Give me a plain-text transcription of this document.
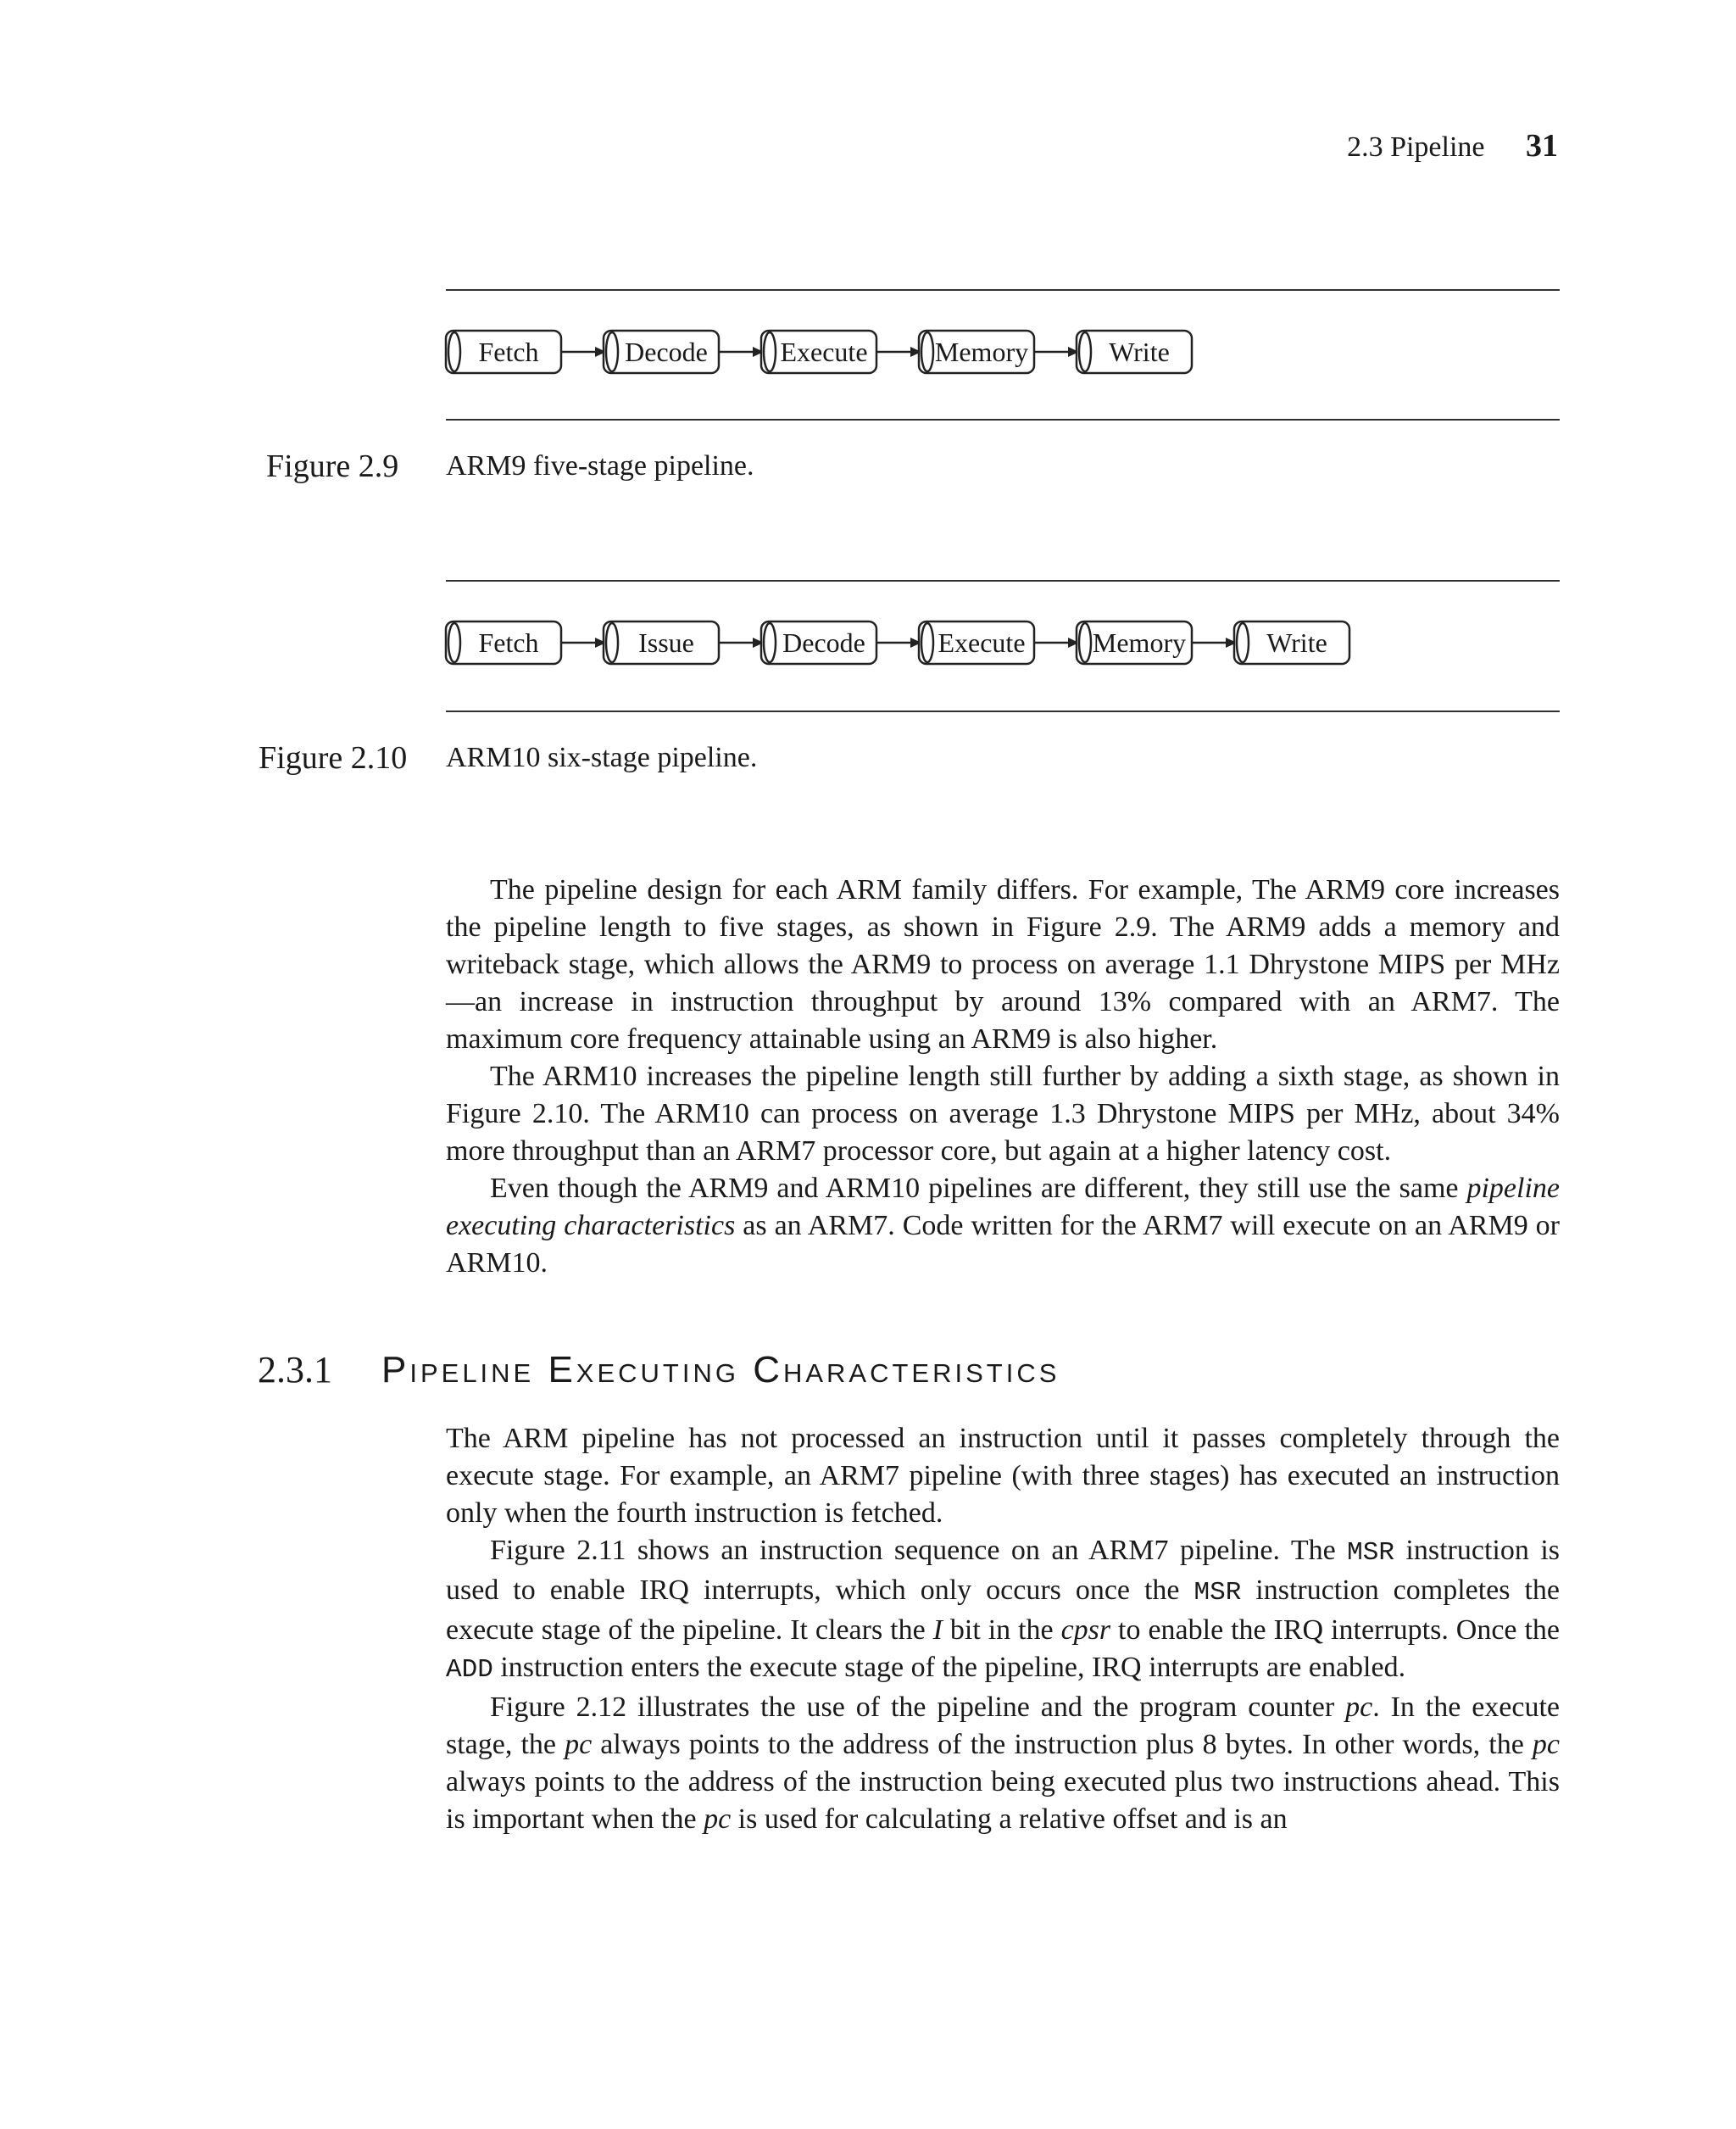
2.3 Pipeline 31
Fetch	Decode	Execute Memory	Write
Figure 2.9 ARM9 five-stage pipeline.
Fetch	Issue	Decode	Execute Memory	Write
Figure 2.10 ARM10 six-stage pipeline.

The pipeline design for each ARM family differs. For example, The ARM9 core increases the pipeline length to five stages, as shown in Figure 2.9. The ARM9 adds a memory and writeback stage, which allows the ARM9 to process on average 1.1 Dhrystone MIPS per MHz—an increase in instruction throughput by around 13% compared with an ARM7. The maximum core frequency attainable using an ARM9 is also higher.

The ARM10 increases the pipeline length still further by adding a sixth stage, as shown in Figure 2.10. The ARM10 can process on average 1.3 Dhrystone MIPS per MHz, about 34% more throughput than an ARM7 processor core, but again at a higher latency cost.

Even though the ARM9 and ARM10 pipelines are different, they still use the same pipeline executing characteristics as an ARM7. Code written for the ARM7 will execute on an ARM9 or ARM10.

2.3.1 Pipeline Executing Characteristics

The ARM pipeline has not processed an instruction until it passes completely through the execute stage. For example, an ARM7 pipeline (with three stages) has executed an instruction only when the fourth instruction is fetched.

Figure 2.11 shows an instruction sequence on an ARM7 pipeline. The MSR instruction is used to enable IRQ interrupts, which only occurs once the MSR instruction completes the execute stage of the pipeline. It clears the I bit in the cpsr to enable the IRQ interrupts. Once the ADD instruction enters the execute stage of the pipeline, IRQ interrupts are enabled.

Figure 2.12 illustrates the use of the pipeline and the program counter pc. In the execute stage, the pc always points to the address of the instruction plus 8 bytes. In other words, the pc always points to the address of the instruction being executed plus two instructions ahead. This is important when the pc is used for calculating a relative offset and is an
